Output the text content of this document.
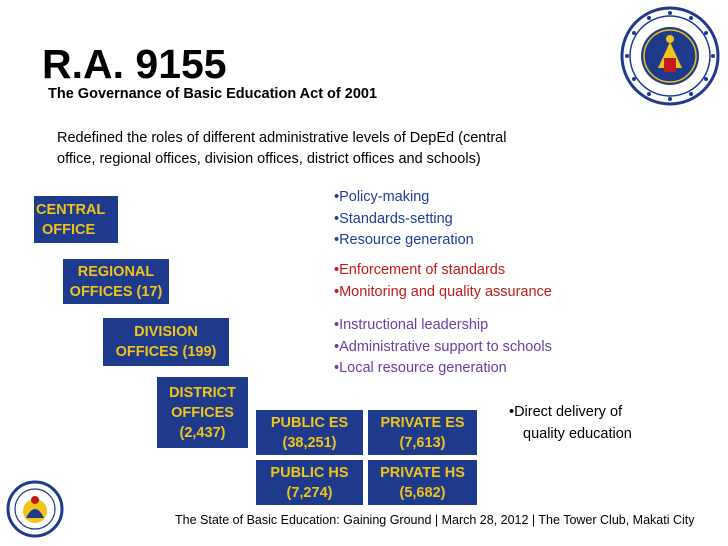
R.A. 9155
The Governance of Basic Education Act of 2001
Redefined the roles of different administrative levels of DepEd (central
office, regional offices, division offices, district offices and schools)
CENTRAL
OFFICE
REGIONAL
OFFICES (17)
DIVISION
OFFICES (199)
DISTRICT
OFFICES
(2,437)
PUBLIC ES
(38,251)
PRIVATE ES
(7,613)
PUBLIC HS
(7,274)
PRIVATE HS
(5,682)
• Policy-making
• Standards-setting
• Resource generation
• Enforcement of standards
• Monitoring and quality assurance
• Instructional leadership
• Administrative support to schools
• Local resource generation
• Direct delivery of
quality education
The State of Basic Education: Gaining Ground | March 28, 2012 | The Tower Club, Makati City
